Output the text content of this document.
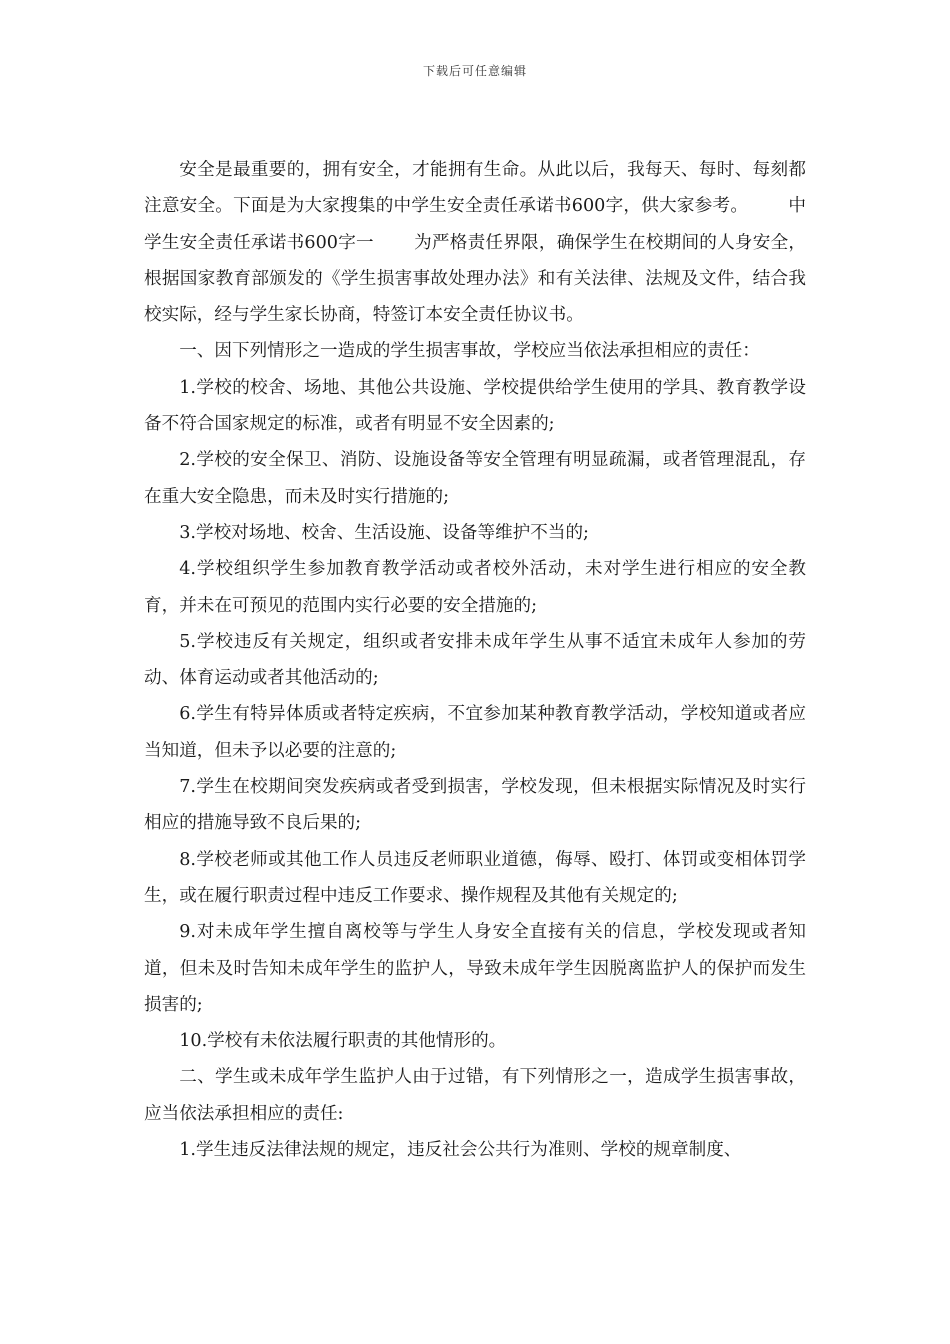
下载后可任意编辑

安全是最重要的，拥有安全，才能拥有生命。从此以后，我每天、每时、每刻都注意安全。下面是为大家搜集的中学生安全责任承诺书600字，供大家参考。 中学生安全责任承诺书600字一 为严格责任界限，确保学生在校期间的人身安全，根据国家教育部颁发的《学生损害事故处理办法》和有关法律、法规及文件，结合我校实际，经与学生家长协商，特签订本安全责任协议书。

一、因下列情形之一造成的学生损害事故，学校应当依法承担相应的责任：

1.学校的校舍、场地、其他公共设施、学校提供给学生使用的学具、教育教学设备不符合国家规定的标准，或者有明显不安全因素的;

2.学校的安全保卫、消防、设施设备等安全管理有明显疏漏，或者管理混乱，存在重大安全隐患，而未及时实行措施的;

3.学校对场地、校舍、生活设施、设备等维护不当的;

4.学校组织学生参加教育教学活动或者校外活动，未对学生进行相应的安全教育，并未在可预见的范围内实行必要的安全措施的;

5.学校违反有关规定，组织或者安排未成年学生从事不适宜未成年人参加的劳动、体育运动或者其他活动的;

6.学生有特异体质或者特定疾病，不宜参加某种教育教学活动，学校知道或者应当知道，但未予以必要的注意的;

7.学生在校期间突发疾病或者受到损害，学校发现，但未根据实际情况及时实行相应的措施导致不良后果的;

8.学校老师或其他工作人员违反老师职业道德，侮辱、殴打、体罚或变相体罚学生，或在履行职责过程中违反工作要求、操作规程及其他有关规定的;

9.对未成年学生擅自离校等与学生人身安全直接有关的信息，学校发现或者知道，但未及时告知未成年学生的监护人，导致未成年学生因脱离监护人的保护而发生损害的;

10.学校有未依法履行职责的其他情形的。

二、学生或未成年学生监护人由于过错，有下列情形之一，造成学生损害事故，应当依法承担相应的责任:

1.学生违反法律法规的规定，违反社会公共行为准则、学校的规章制度、
